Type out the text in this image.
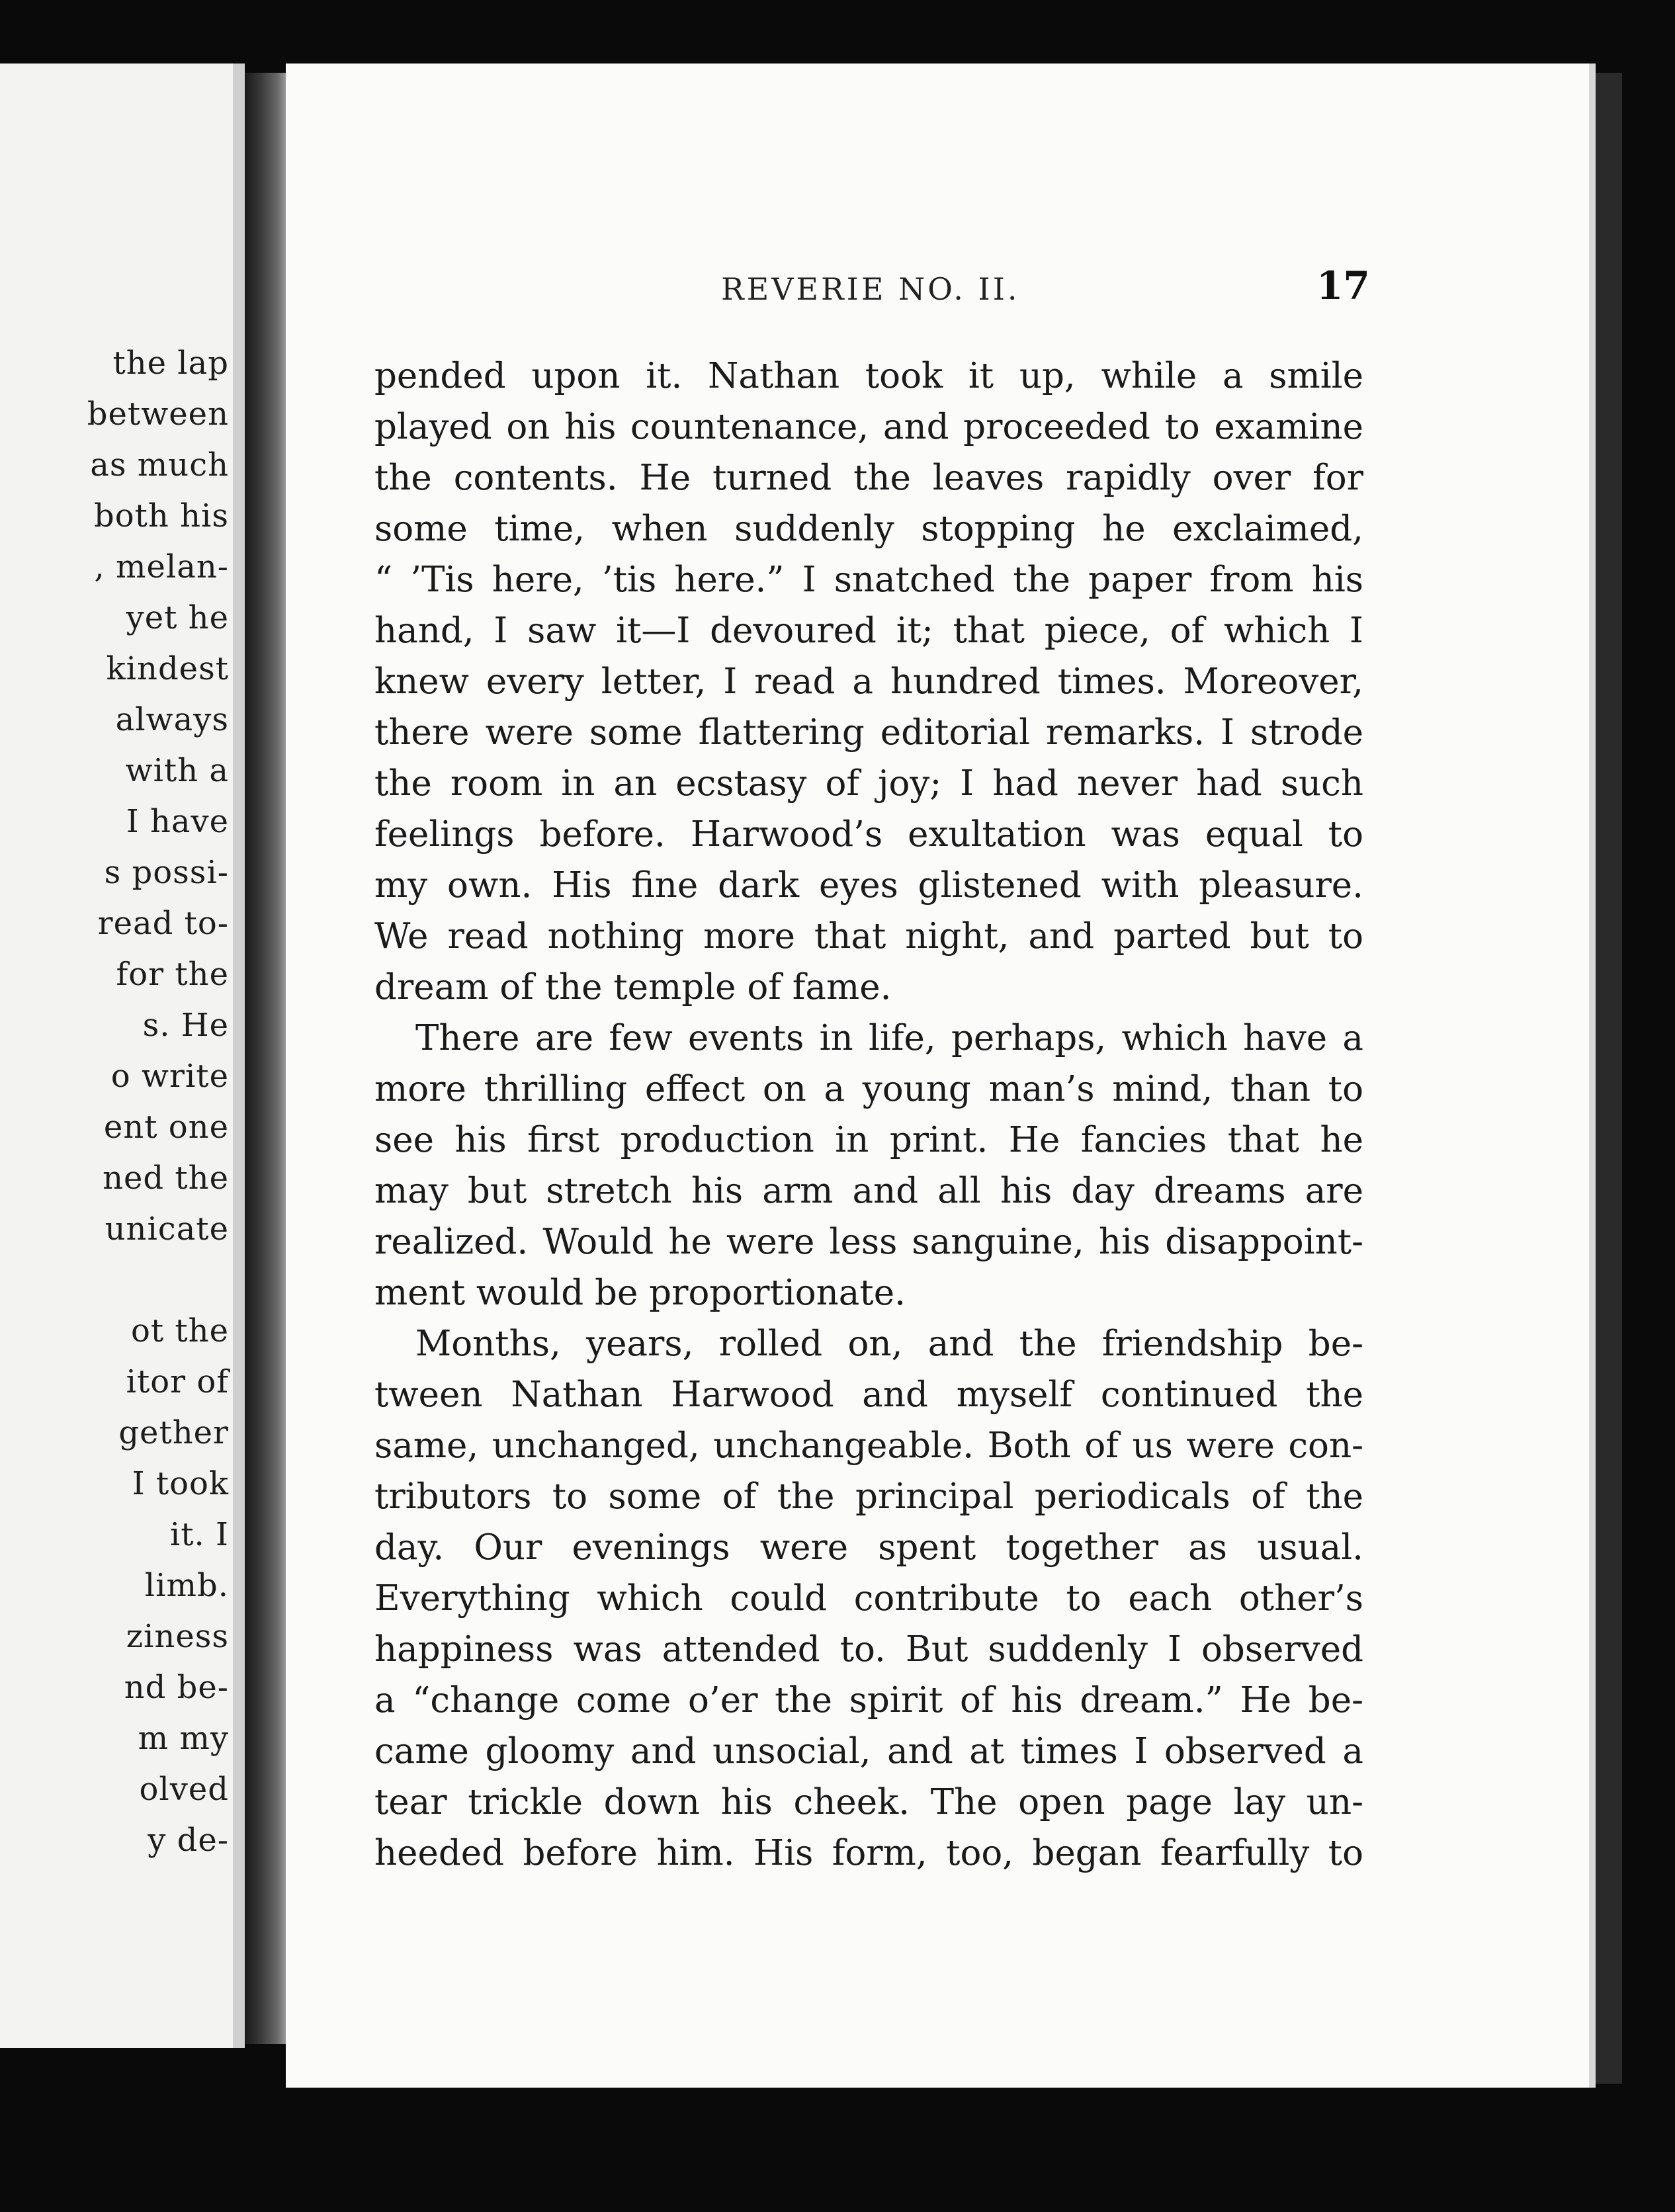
the lap
between
as much
both his
, melan-
yet he
kindest
always
with a
I have
s possi-
read to-
for the
s. He
o write
ent one
ned the
unicate
ot the
itor of
gether
I took
it. I
limb.
ziness
nd be-
m my
olved
y de-
REVERIE NO. II.	17
pended upon it. Nathan took it up, while a smile
played on his countenance, and proceeded to examine
the contents. He turned the leaves rapidly over for
some time, when suddenly stopping he exclaimed,
“ ’Tis here, ’tis here.” I snatched the paper from his
hand, I saw it—I devoured it; that piece, of which I
knew every letter, I read a hundred times. Moreover,
there were some flattering editorial remarks. I strode
the room in an ecstasy of joy; I had never had such
feelings before. Harwood’s exultation was equal to
my own. His fine dark eyes glistened with pleasure.
We read nothing more that night, and parted but to
dream of the temple of fame.
There are few events in life, perhaps, which have a
more thrilling effect on a young man’s mind, than to
see his first production in print. He fancies that he
may but stretch his arm and all his day dreams are
realized. Would he were less sanguine, his disappoint-
ment would be proportionate.
Months, years, rolled on, and the friendship be-
tween Nathan Harwood and myself continued the
same, unchanged, unchangeable. Both of us were con-
tributors to some of the principal periodicals of the
day. Our evenings were spent together as usual.
Everything which could contribute to each other’s
happiness was attended to. But suddenly I observed
a “change come o’er the spirit of his dream.” He be-
came gloomy and unsocial, and at times I observed a
tear trickle down his cheek. The open page lay un-
heeded before him. His form, too, began fearfully to
